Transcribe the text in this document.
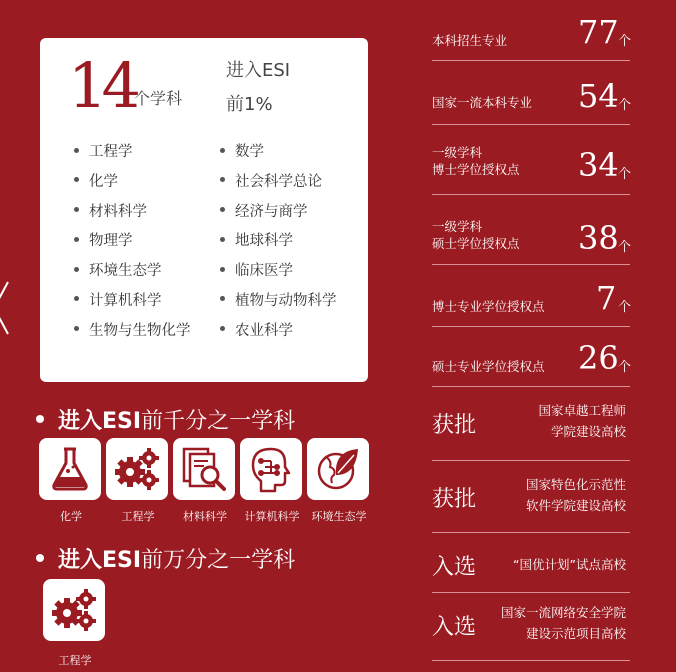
14 个学科
进入ESI
前1%
工程学
化学
材料科学
物理学
环境生态学
计算机科学
生物与生物化学
数学
社会科学总论
经济与商学
地球科学
临床医学
植物与动物科学
农业科学
进入ESI前千分之一学科
化学	工程学	材料科学	计算机科学	环境生态学
进入ESI前万分之一学科
工程学
本科招生专业 77 个
国家一流本科专业 54 个
一级学科
博士学位授权点 34 个
一级学科
硕士学位授权点 38 个
博士专业学位授权点 7 个
硕士专业学位授权点 26 个
获批
国家卓越工程师
学院建设高校
获批
国家特色化示范性
软件学院建设高校
入选	“国优计划”试点高校
入选
国家一流网络安全学院
建设示范项目高校
